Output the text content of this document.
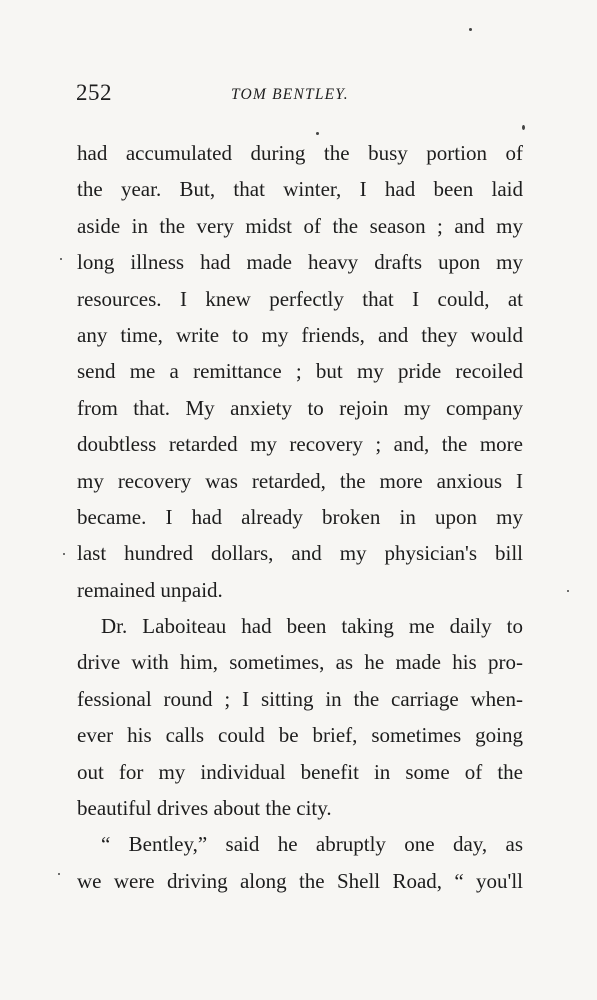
252	TOM BENTLEY.
had accumulated during the busy portion of
the year. But, that winter, I had been laid
aside in the very midst of the season ; and my
long illness had made heavy drafts upon my
resources. I knew perfectly that I could, at
any time, write to my friends, and they would
send me a remittance ; but my pride recoiled
from that. My anxiety to rejoin my company
doubtless retarded my recovery ; and, the more
my recovery was retarded, the more anxious I
became. I had already broken in upon my
last hundred dollars, and my physician's bill
remained unpaid.
Dr. Laboiteau had been taking me daily to
drive with him, sometimes, as he made his pro-
fessional round ; I sitting in the carriage when-
ever his calls could be brief, sometimes going
out for my individual benefit in some of the
beautiful drives about the city.
“ Bentley,” said he abruptly one day, as
we were driving along the Shell Road, “ you'll
